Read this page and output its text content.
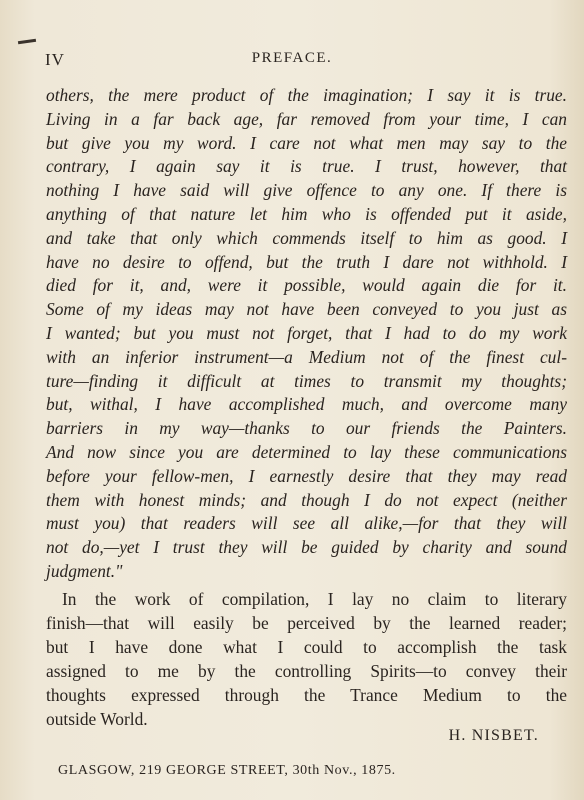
IV	PREFACE.
others, the mere product of the imagination; I say it is true.
Living in a far back age, far removed from your time, I can
but give you my word. I care not what men may say to the
contrary, I again say it is true. I trust, however, that
nothing I have said will give offence to any one. If there is
anything of that nature let him who is offended put it aside,
and take that only which commends itself to him as good. I
have no desire to offend, but the truth I dare not withhold. I
died for it, and, were it possible, would again die for it.
Some of my ideas may not have been conveyed to you just as
I wanted; but you must not forget, that I had to do my work
with an inferior instrument—a Medium not of the finest cul-
ture—finding it difficult at times to transmit my thoughts;
but, withal, I have accomplished much, and overcome many
barriers in my way—thanks to our friends the Painters.
And now since you are determined to lay these communications
before your fellow-men, I earnestly desire that they may read
them with honest minds; and though I do not expect (neither
must you) that readers will see all alike,—for that they will
not do,—yet I trust they will be guided by charity and sound
judgment."
In the work of compilation, I lay no claim to literary
finish—that will easily be perceived by the learned reader;
but I have done what I could to accomplish the task
assigned to me by the controlling Spirits—to convey their
thoughts expressed through the Trance Medium to the
outside World.
H. NISBET.
GLASGOW, 219 GEORGE STREET, 30th Nov., 1875.
